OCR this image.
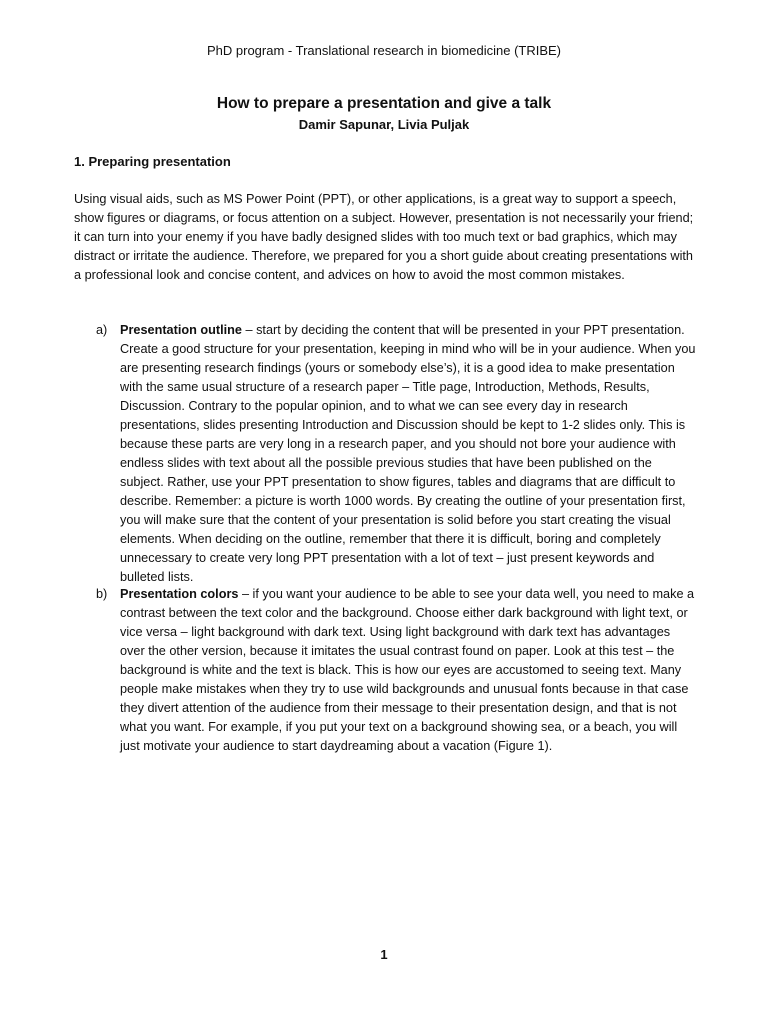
PhD program - Translational research in biomedicine (TRIBE)
How to prepare a presentation and give a talk
Damir Sapunar, Livia Puljak
1. Preparing presentation

Using visual aids, such as MS Power Point (PPT), or other applications, is a great way to support a speech, show figures or diagrams, or focus attention on a subject. However, presentation is not necessarily your friend; it can turn into your enemy if you have badly designed slides with too much text or bad graphics, which may distract or irritate the audience. Therefore, we prepared for you a short guide about creating presentations with a professional look and concise content, and advices on how to avoid the most common mistakes.

a) Presentation outline – start by deciding the content that will be presented in your PPT presentation. Create a good structure for your presentation, keeping in mind who will be in your audience. When you are presenting research findings (yours or somebody else’s), it is a good idea to make presentation with the same usual structure of a research paper – Title page, Introduction, Methods, Results, Discussion. Contrary to the popular opinion, and to what we can see every day in research presentations, slides presenting Introduction and Discussion should be kept to 1-2 slides only. This is because these parts are very long in a research paper, and you should not bore your audience with endless slides with text about all the possible previous studies that have been published on the subject. Rather, use your PPT presentation to show figures, tables and diagrams that are difficult to describe. Remember: a picture is worth 1000 words. By creating the outline of your presentation first, you will make sure that the content of your presentation is solid before you start creating the visual elements. When deciding on the outline, remember that there it is difficult, boring and completely unnecessary to create very long PPT presentation with a lot of text – just present keywords and bulleted lists.
b) Presentation colors – if you want your audience to be able to see your data well, you need to make a contrast between the text color and the background. Choose either dark background with light text, or vice versa – light background with dark text. Using light background with dark text has advantages over the other version, because it imitates the usual contrast found on paper. Look at this test – the background is white and the text is black. This is how our eyes are accustomed to seeing text. Many people make mistakes when they try to use wild backgrounds and unusual fonts because in that case they divert attention of the audience from their message to their presentation design, and that is not what you want. For example, if you put your text on a background showing sea, or a beach, you will just motivate your audience to start daydreaming about a vacation (Figure 1).
1
